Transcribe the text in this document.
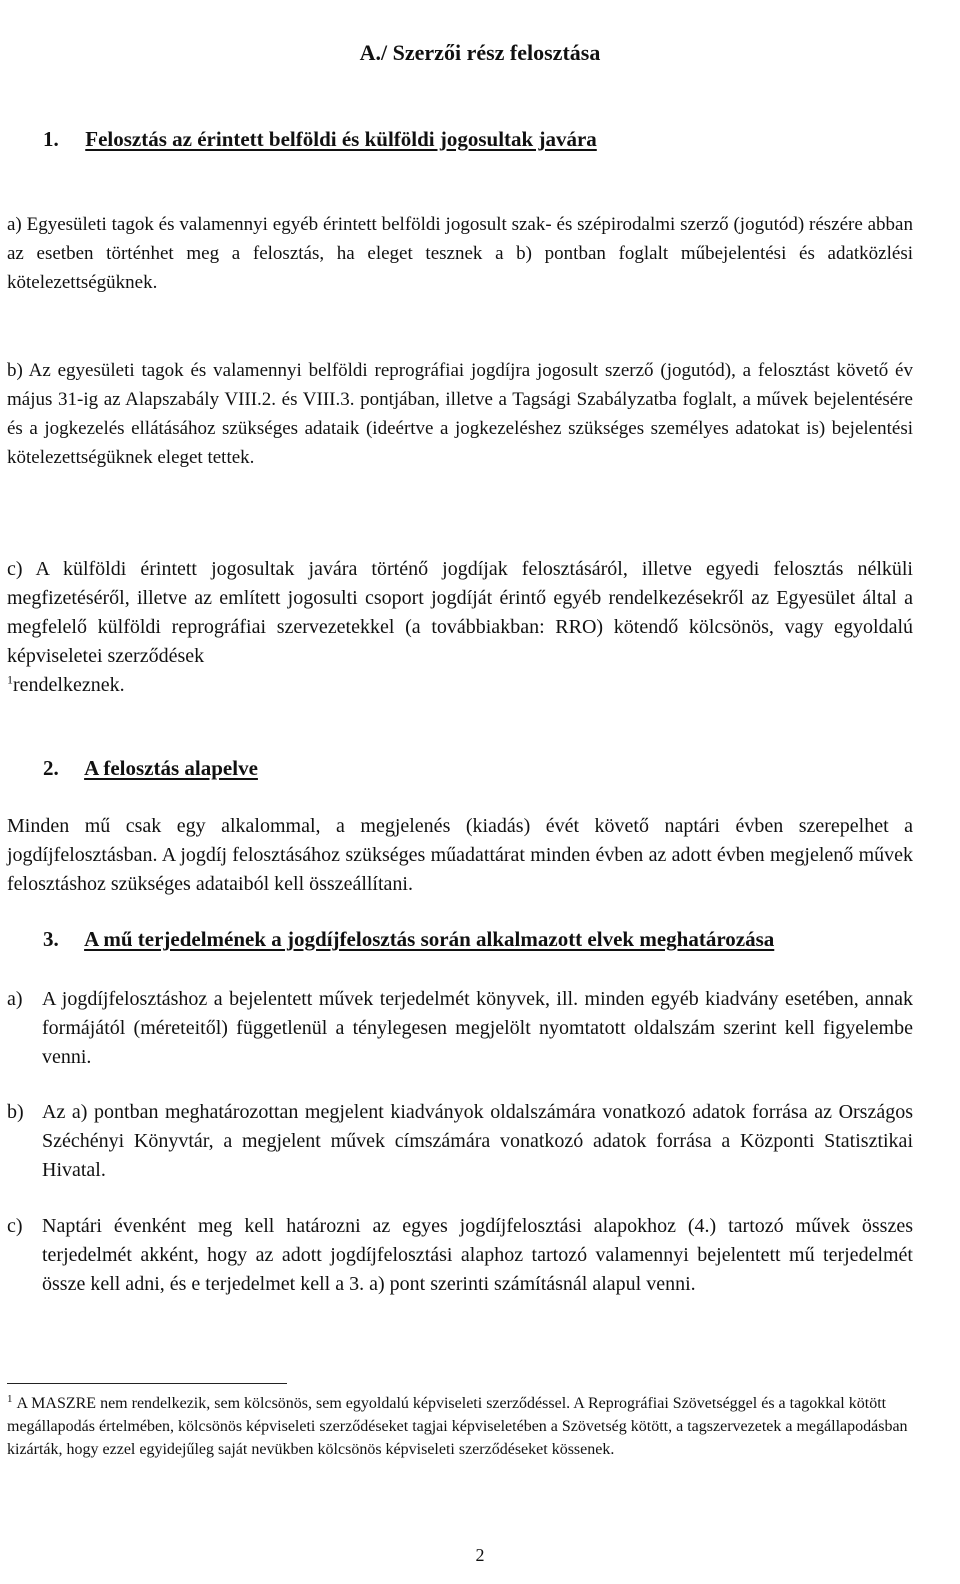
A./ Szerzői rész felosztása
1. Felosztás az érintett belföldi és külföldi jogosultak javára

a) Egyesületi tagok és valamennyi egyéb érintett belföldi jogosult szak- és szépirodalmi szerző (jogutód) részére abban az esetben történhet meg a felosztás, ha eleget tesznek a b) pontban foglalt műbejelentési és adatközlési kötelezettségüknek.

b) Az egyesületi tagok és valamennyi belföldi reprográfiai jogdíjra jogosult szerző (jogutód), a felosztást követő év május 31-ig az Alapszabály VIII.2. és VIII.3. pontjában, illetve a Tagsági Szabályzatba foglalt, a művek bejelentésére és a jogkezelés ellátásához szükséges adataik (ideértve a jogkezeléshez szükséges személyes adatokat is) bejelentési kötelezettségüknek eleget tettek.

c) A külföldi érintett jogosultak javára történő jogdíjak felosztásáról, illetve egyedi felosztás nélküli megfizetéséről, illetve az említett jogosulti csoport jogdíját érintő egyéb rendelkezésekről az Egyesület által a megfelelő külföldi reprográfiai szervezetekkel (a továbbiakban: RRO) kötendő kölcsönös, vagy egyoldalú képviseletei szerződések
$^1$rendelkeznek.

2. A felosztás alapelve

Minden mű csak egy alkalommal, a megjelenés (kiadás) évét követő naptári évben szerepelhet a jogdíjfelosztásban. A jogdíj felosztásához szükséges műadattárat minden évben az adott évben megjelenő művek felosztáshoz szükséges adataiból kell összeállítani.

3. A mű terjedelmének a jogdíjfelosztás során alkalmazott elvek meghatározása
a) A jogdíjfelosztáshoz a bejelentett művek terjedelmét könyvek, ill. minden egyéb kiadvány esetében, annak formájától (méreteitől) függetlenül a ténylegesen megjelölt nyomtatott oldalszám szerint kell figyelembe venni.
b) Az a) pontban meghatározottan megjelent kiadványok oldalszámára vonatkozó adatok forrása az Országos Széchényi Könyvtár, a megjelent művek címszámára vonatkozó adatok forrása a Központi Statisztikai Hivatal.
c) Naptári évenként meg kell határozni az egyes jogdíjfelosztási alapokhoz (4.) tartozó művek összes terjedelmét akként, hogy az adott jogdíjfelosztási alaphoz tartozó valamennyi bejelentett mű terjedelmét össze kell adni, és e terjedelmet kell a 3. a) pont szerinti számításnál alapul venni.

$^1$ A MASZRE nem rendelkezik, sem kölcsönös, sem egyoldalú képviseleti szerződéssel. A Reprográfiai Szövetséggel és a tagokkal kötött megállapodás értelmében, kölcsönös képviseleti szerződéseket tagjai képviseletében a Szövetség kötött, a tagszervezetek a megállapodásban kizárták, hogy ezzel egyidejűleg saját nevükben kölcsönös képviseleti szerződéseket kössenek.

2
